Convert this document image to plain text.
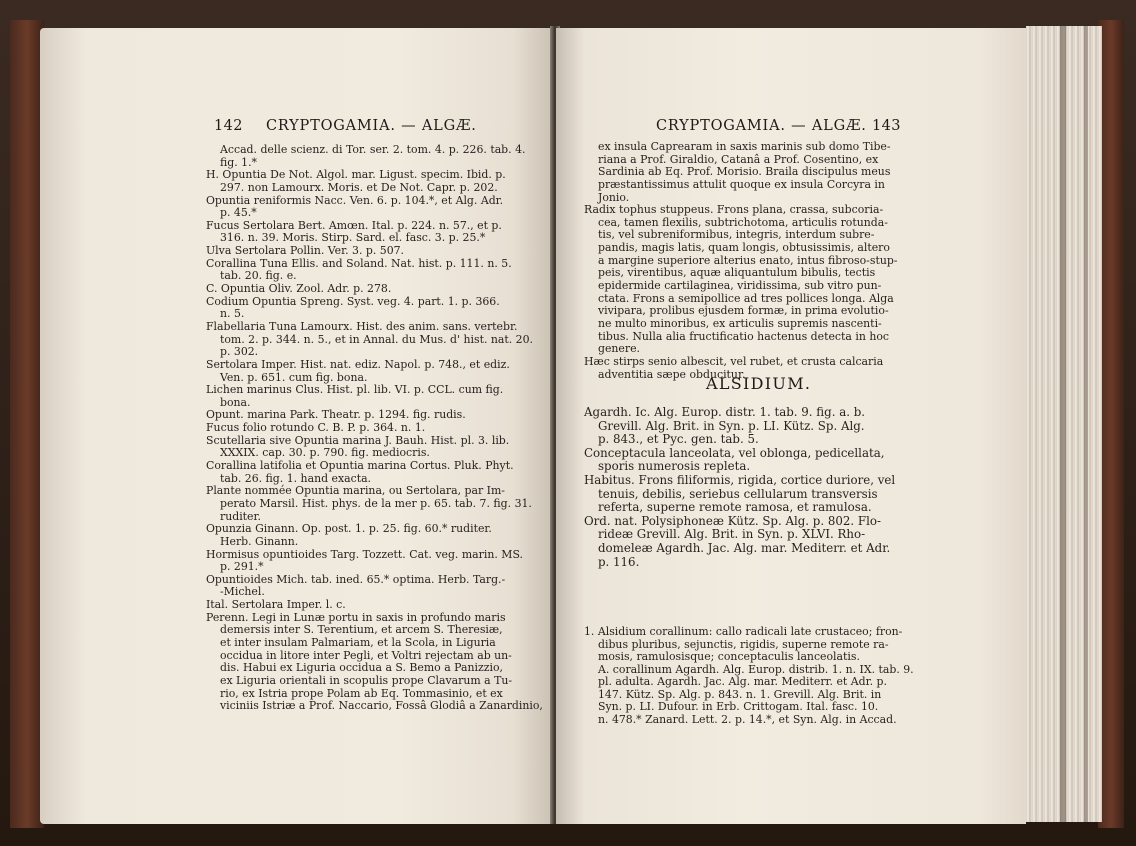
142 CRYPTOGAMIA. — ALGÆ.
Accad. delle scienz. di Tor. ser. 2. tom. 4. p. 226. tab. 4.
fig. 1.*
H. Opuntia De Not. Algol. mar. Ligust. specim. Ibid. p.
297. non Lamourx. Moris. et De Not. Capr. p. 202.
Opuntia reniformis Nacc. Ven. 6. p. 104.*, et Alg. Adr.
p. 45.*
Fucus Sertolara Bert. Amœn. Ital. p. 224. n. 57., et p.
316. n. 39. Moris. Stirp. Sard. el. fasc. 3. p. 25.*
Ulva Sertolara Pollin. Ver. 3. p. 507.
Corallina Tuna Ellis. and Soland. Nat. hist. p. 111. n. 5.
tab. 20. fig. e.
C. Opuntia Oliv. Zool. Adr. p. 278.
Codium Opuntia Spreng. Syst. veg. 4. part. 1. p. 366.
n. 5.
Flabellaria Tuna Lamourx. Hist. des anim. sans. vertebr.
tom. 2. p. 344. n. 5., et in Annal. du Mus. d' hist. nat. 20.
p. 302.
Sertolara Imper. Hist. nat. ediz. Napol. p. 748., et ediz.
Ven. p. 651. cum fig. bona.
Lichen marinus Clus. Hist. pl. lib. VI. p. CCL. cum fig.
bona.
Opunt. marina Park. Theatr. p. 1294. fig. rudis.
Fucus folio rotundo C. B. P. p. 364. n. 1.
Scutellaria sive Opuntia marina J. Bauh. Hist. pl. 3. lib.
XXXIX. cap. 30. p. 790. fig. mediocris.
Corallina latifolia et Opuntia marina Cortus. Pluk. Phyt.
tab. 26. fig. 1. hand exacta.
Plante nommée Opuntia marina, ou Sertolara, par Im-
perato Marsil. Hist. phys. de la mer p. 65. tab. 7. fig. 31.
ruditer.
Opunzia Ginann. Op. post. 1. p. 25. fig. 60.* ruditer.
Herb. Ginann.
Hormisus opuntioides Targ. Tozzett. Cat. veg. marin. MS.
p. 291.*
Opuntioides Mich. tab. ined. 65.* optima. Herb. Targ.-
-Michel.
Ital. Sertolara Imper. l. c.
Perenn. Legi in Lunæ portu in saxis in profundo maris
demersis inter S. Terentium, et arcem S. Theresiæ,
et inter insulam Palmariam, et la Scola, in Liguria
occidua in litore inter Pegli, et Voltri rejectam ab un-
dis. Habui ex Liguria occidua a S. Bemo a Panizzio,
ex Liguria orientali in scopulis prope Clavarum a Tu-
rio, ex Istria prope Polam ab Eq. Tommasinio, et ex
viciniis Istriæ a Prof. Naccario, Fossâ Glodiâ a Zanardinio,
CRYPTOGAMIA. — ALGÆ. 143
ex insula Caprearam in saxis marinis sub domo Tibe-
riana a Prof. Giraldio, Catanâ a Prof. Cosentino, ex
Sardinia ab Eq. Prof. Morisio. Braila discipulus meus
præstantissimus attulit quoque ex insula Corcyra in
Jonio.
Radix tophus stuppeus. Frons plana, crassa, subcoria-
cea, tamen flexilis, subtrichotoma, articulis rotunda-
tis, vel subreniformibus, integris, interdum subre-
pandis, magis latis, quam longis, obtusissimis, altero
a margine superiore alterius enato, intus fibroso-stup-
peis, virentibus, aquæ aliquantulum bibulis, tectis
epidermide cartilaginea, viridissima, sub vitro pun-
ctata. Frons a semipollice ad tres pollices longa. Alga
vivipara, prolibus ejusdem formæ, in prima evolutio-
ne multo minoribus, ex articulis supremis nascenti-
tibus. Nulla alia fructificatio hactenus detecta in hoc
genere.
Hæc stirps senio albescit, vel rubet, et crusta calcaria
adventitia sæpe obducitur.
ALSIDIUM.
Agardh. Ic. Alg. Europ. distr. 1. tab. 9. fig. a. b.
Grevill. Alg. Brit. in Syn. p. LI. Kütz. Sp. Alg.
p. 843., et Pyc. gen. tab. 5.
Conceptacula lanceolata, vel oblonga, pedicellata,
sporis numerosis repleta.
Habitus. Frons filiformis, rigida, cortice duriore, vel
tenuis, debilis, seriebus cellularum transversis
referta, superne remote ramosa, et ramulosa.
Ord. nat. Polysiphoneæ Kütz. Sp. Alg. p. 802. Flo-
rideæ Grevill. Alg. Brit. in Syn. p. XLVI. Rho-
domeleæ Agardh. Jac. Alg. mar. Mediterr. et Adr.
p. 116.
1. Alsidium corallinum: callo radicali late crustaceo; fron-
dibus pluribus, sejunctis, rigidis, superne remote ra-
mosis, ramulosisque; conceptaculis lanceolatis.
A. corallinum Agardh. Alg. Europ. distrib. 1. n. IX. tab. 9.
pl. adulta. Agardh. Jac. Alg. mar. Mediterr. et Adr. p.
147. Kütz. Sp. Alg. p. 843. n. 1. Grevill. Alg. Brit. in
Syn. p. LI. Dufour. in Erb. Crittogam. Ital. fasc. 10.
n. 478.* Zanard. Lett. 2. p. 14.*, et Syn. Alg. in Accad.
